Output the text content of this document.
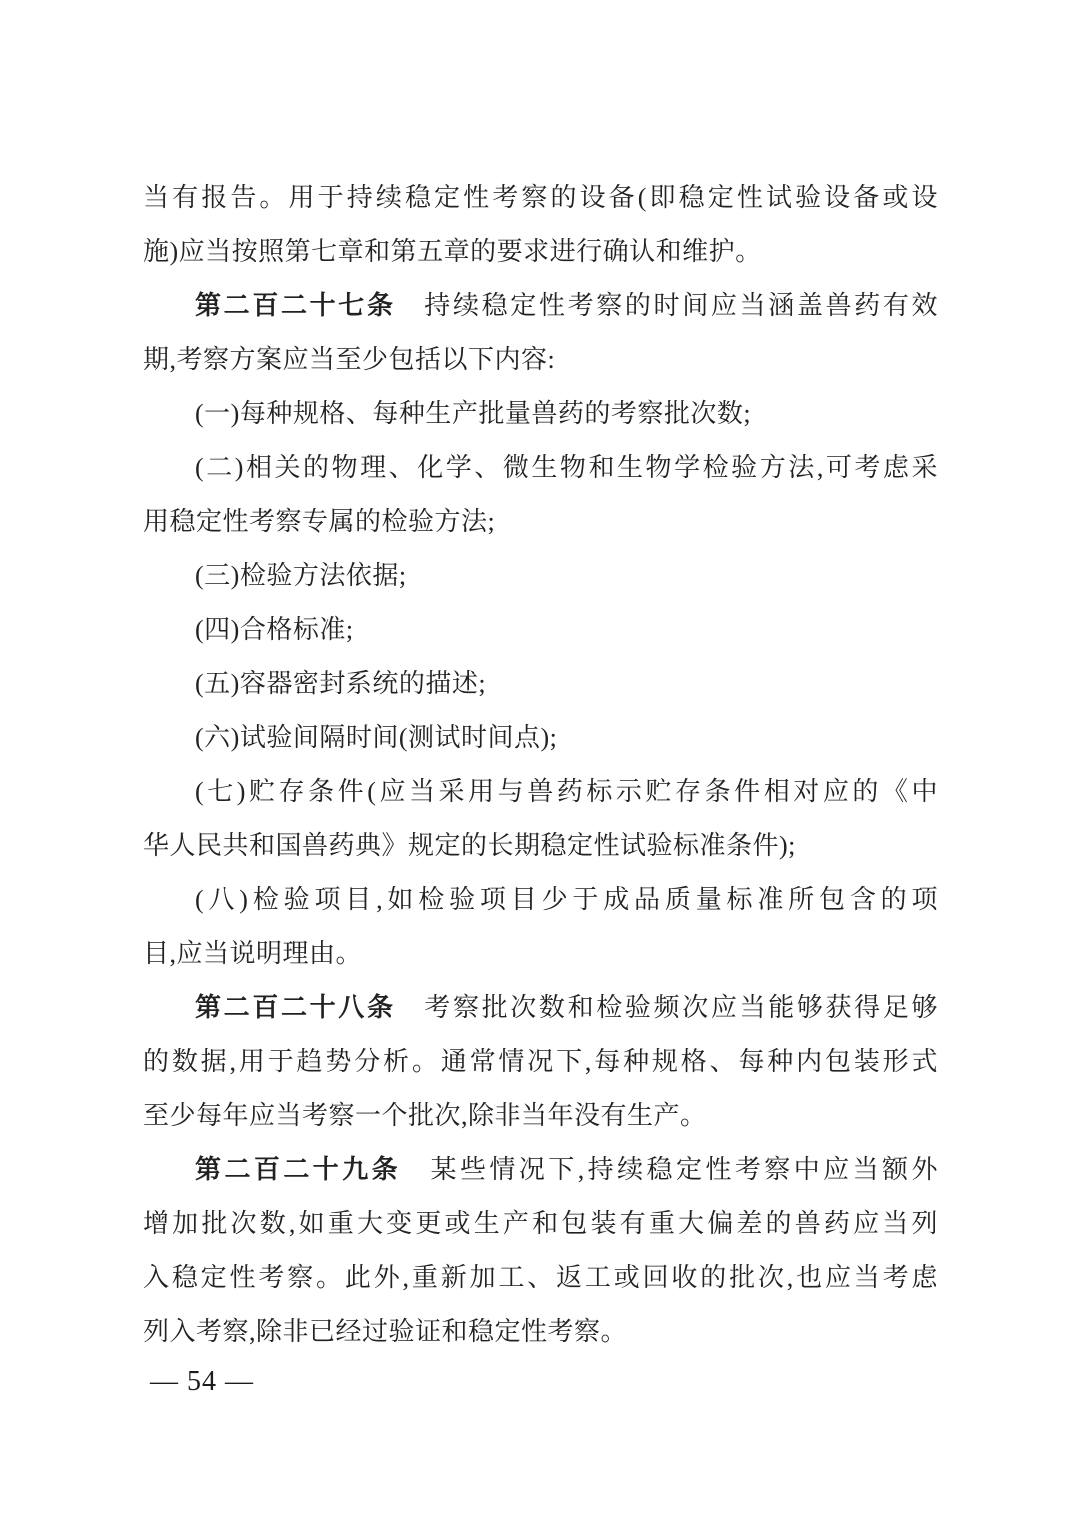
当有报告。用于持续稳定性考察的设备(即稳定性试验设备或设
施)应当按照第七章和第五章的要求进行确认和维护。
第二百二十七条　持续稳定性考察的时间应当涵盖兽药有效
期,考察方案应当至少包括以下内容:
(一)每种规格、每种生产批量兽药的考察批次数;
(二)相关的物理、化学、微生物和生物学检验方法,可考虑采
用稳定性考察专属的检验方法;
(三)检验方法依据;
(四)合格标准;
(五)容器密封系统的描述;
(六)试验间隔时间(测试时间点);
(七)贮存条件(应当采用与兽药标示贮存条件相对应的《中
华人民共和国兽药典》规定的长期稳定性试验标准条件);
(八)检验项目,如检验项目少于成品质量标准所包含的项
目,应当说明理由。
第二百二十八条　考察批次数和检验频次应当能够获得足够
的数据,用于趋势分析。通常情况下,每种规格、每种内包装形式
至少每年应当考察一个批次,除非当年没有生产。
第二百二十九条　某些情况下,持续稳定性考察中应当额外
增加批次数,如重大变更或生产和包装有重大偏差的兽药应当列
入稳定性考察。此外,重新加工、返工或回收的批次,也应当考虑
列入考察,除非已经过验证和稳定性考察。
— 54 —
